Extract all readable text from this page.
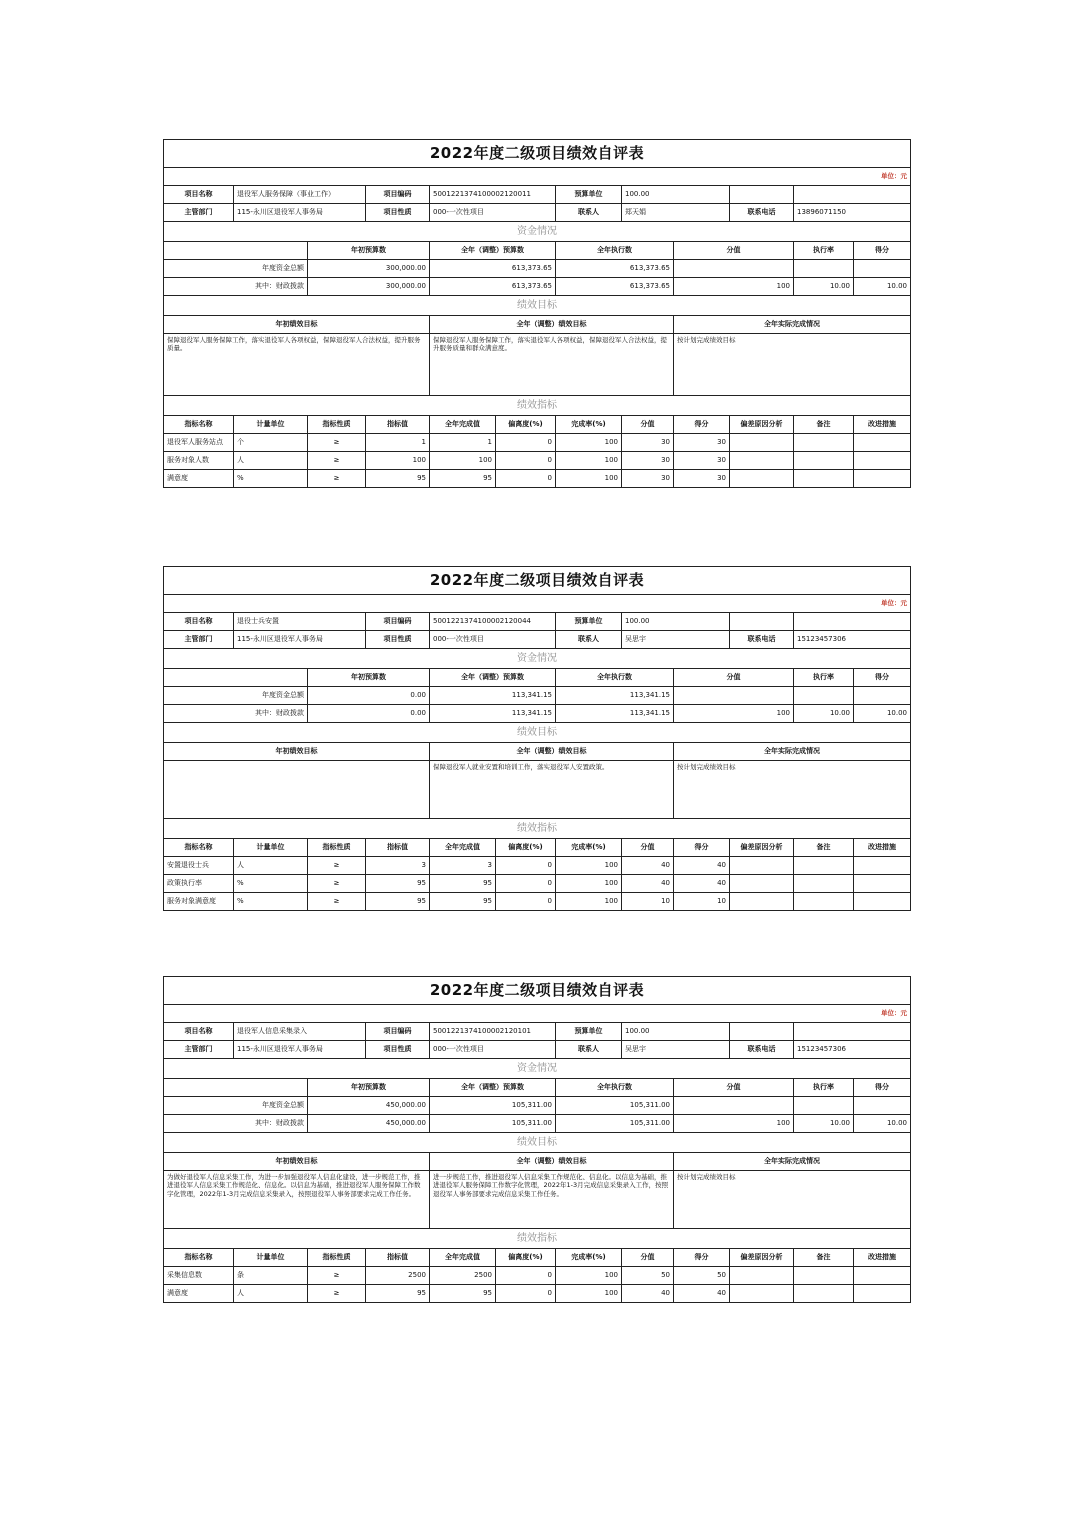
2022年度二级项目绩效自评表											
单位：元											
项目名称	退役军人服务保障（事业工作）		项目编码	5001221374100002120011		预算单位	100.00				
主管部门	115-永川区退役军人事务局		项目性质	000-一次性项目		联系人	郑天娟		联系电话	13896071150	
资金情况											
		年初预算数		全年（调整）预算数		全年执行数		分值		执行率	得分
年度资金总额		300,000.00		613,373.65		613,373.65					
其中：财政拨款		300,000.00		613,373.65		613,373.65		100		10.00	10.00
绩效目标											
年初绩效目标				全年（调整）绩效目标				全年实际完成情况			
保障退役军人服务保障工作，落实退役军人各项权益，保障退役军人合法权益，提升服务质量。				保障退役军人服务保障工作，落实退役军人各项权益，保障退役军人合法权益，提升服务质量和群众满意度。				按计划完成绩效目标			
绩效指标											
指标名称	计量单位	指标性质	指标值	全年完成值	偏离度(%)	完成率(%)	分值	得分	偏差原因分析	备注	改进措施
退役军人服务站点	个	≥	1	1	0	100	30	30			
服务对象人数	人	≥	100	100	0	100	30	30			
满意度	%	≥	95	95	0	100	30	30			
2022年度二级项目绩效自评表											
单位：元											
项目名称	退役士兵安置		项目编码	5001221374100002120044		预算单位	100.00				
主管部门	115-永川区退役军人事务局		项目性质	000-一次性项目		联系人	吴思宇		联系电话	15123457306	
资金情况											
		年初预算数		全年（调整）预算数		全年执行数		分值		执行率	得分
年度资金总额		0.00		113,341.15		113,341.15					
其中：财政拨款		0.00		113,341.15		113,341.15		100		10.00	10.00
绩效目标											
年初绩效目标				全年（调整）绩效目标				全年实际完成情况			
				保障退役军人就业安置和培训工作，落实退役军人安置政策。				按计划完成绩效目标			
绩效指标											
指标名称	计量单位	指标性质	指标值	全年完成值	偏离度(%)	完成率(%)	分值	得分	偏差原因分析	备注	改进措施
安置退役士兵	人	≥	3	3	0	100	40	40			
政策执行率	%	≥	95	95	0	100	40	40			
服务对象满意度	%	≥	95	95	0	100	10	10			
2022年度二级项目绩效自评表											
单位：元											
项目名称	退役军人信息采集录入		项目编码	5001221374100002120101		预算单位	100.00				
主管部门	115-永川区退役军人事务局		项目性质	000-一次性项目		联系人	吴思宇		联系电话	15123457306	
资金情况											
		年初预算数		全年（调整）预算数		全年执行数		分值		执行率	得分
年度资金总额		450,000.00		105,311.00		105,311.00					
其中：财政拨款		450,000.00		105,311.00		105,311.00		100		10.00	10.00
绩效目标											
年初绩效目标				全年（调整）绩效目标				全年实际完成情况			
为做好退役军人信息采集工作，为进一步加强退役军人信息化建设，进一步规范工作，推进退役军人信息采集工作规范化、信息化。以信息为基础，推进退役军人服务保障工作数字化管理，2022年1-3月完成信息采集录入，按照退役军人事务部要求完成工作任务。				进一步规范工作，推进退役军人信息采集工作规范化、信息化。以信息为基础，推进退役军人服务保障工作数字化管理，2022年1-3月完成信息采集录入工作，按照退役军人事务部要求完成信息采集工作任务。				按计划完成绩效目标			
绩效指标											
指标名称	计量单位	指标性质	指标值	全年完成值	偏离度(%)	完成率(%)	分值	得分	偏差原因分析	备注	改进措施
采集信息数	条	≥	2500	2500	0	100	50	50			
满意度	人	≥	95	95	0	100	40	40			
